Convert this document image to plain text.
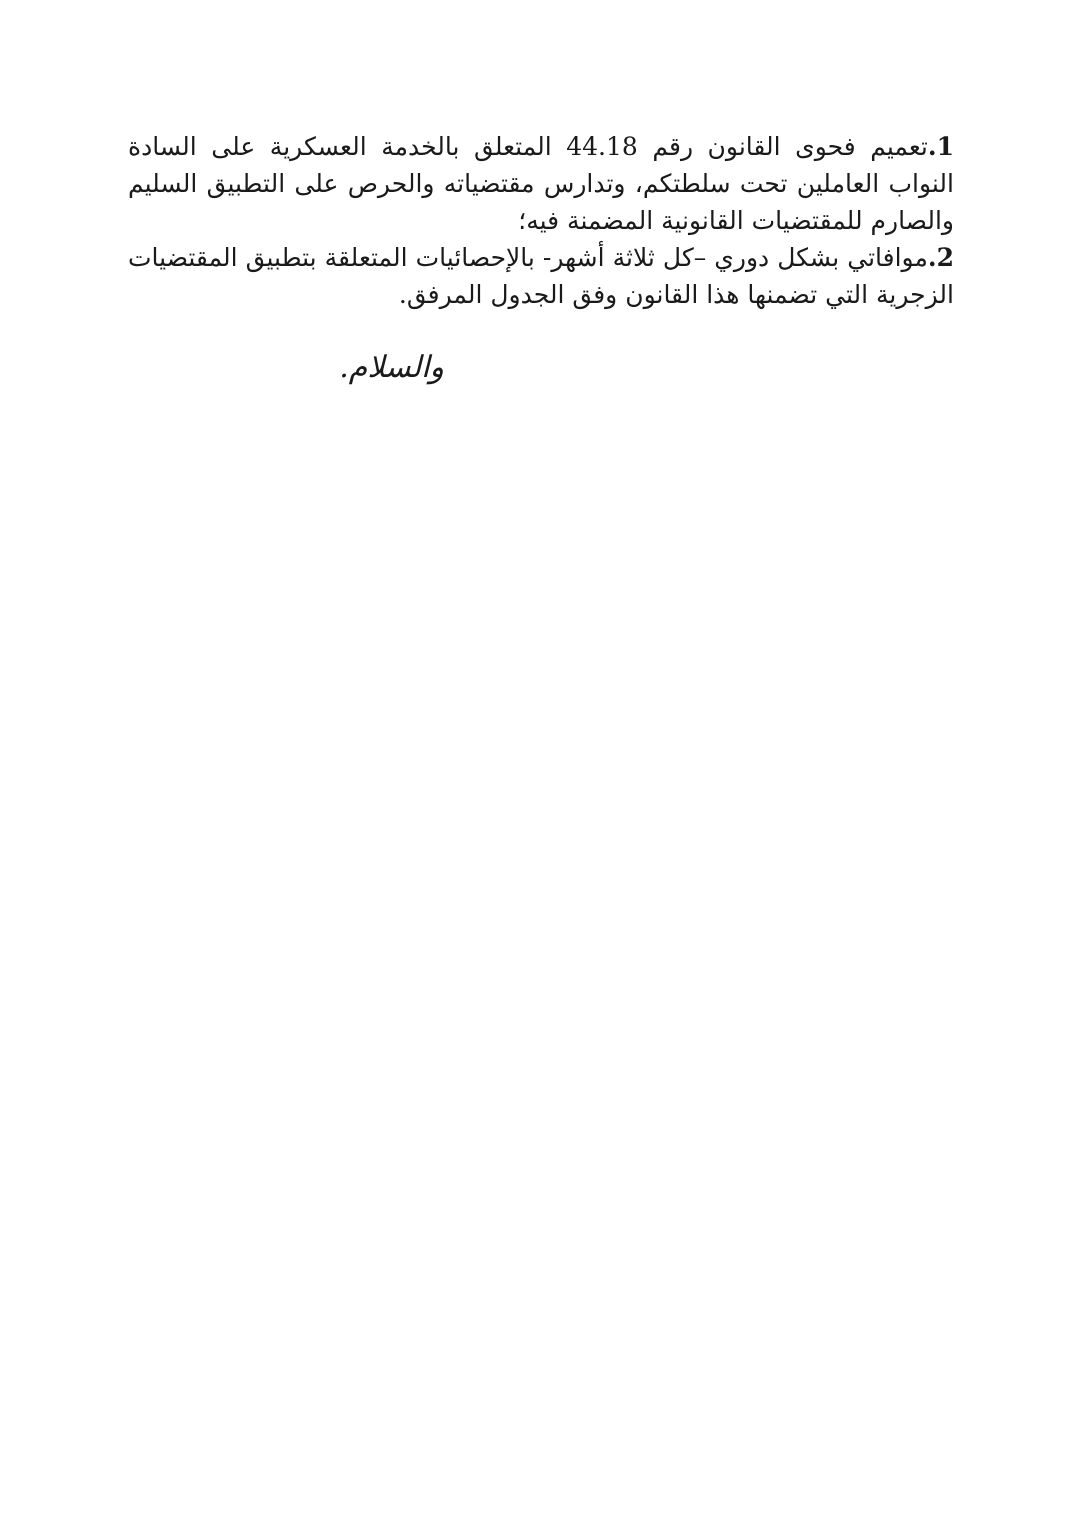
1.تعميم فحوى القانون رقم 44.18 المتعلق بالخدمة العسكرية على السادة النواب العاملين تحت سلطتكم، وتدارس مقتضياته والحرص على التطبيق السليم والصارم للمقتضيات القانونية المضمنة فيه؛

2.موافاتي بشكل دوري –كل ثلاثة أشهر- بالإحصائيات المتعلقة بتطبيق المقتضيات الزجرية التي تضمنها هذا القانون وفق الجدول المرفق.

والسلام.
